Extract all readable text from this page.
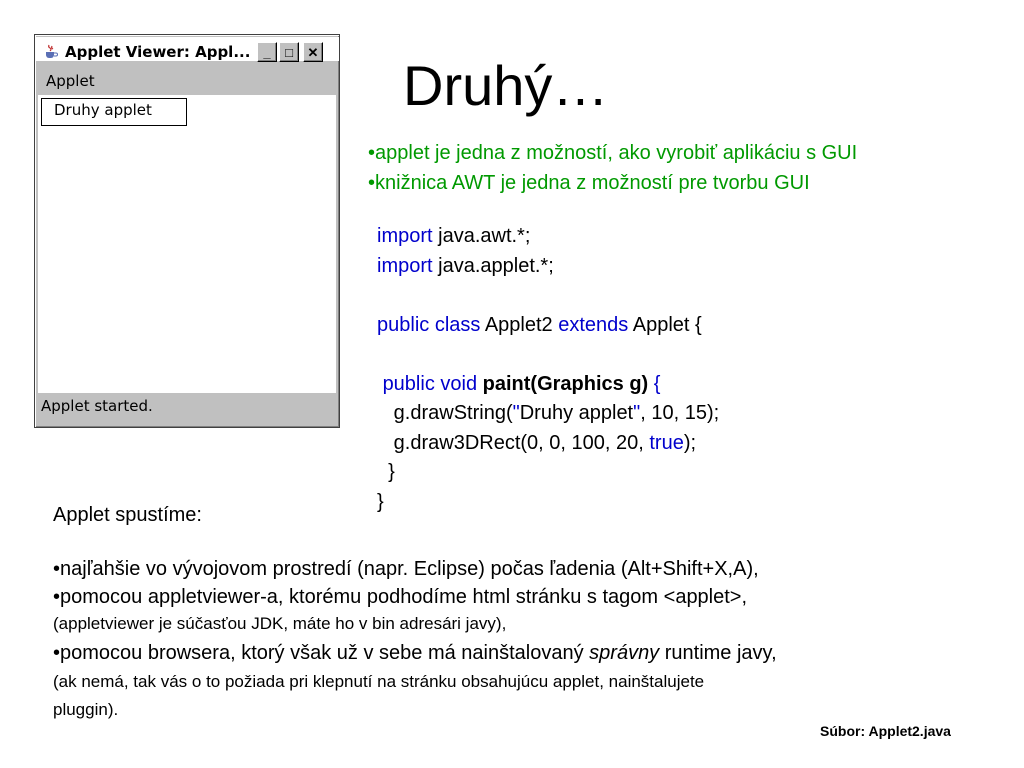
Applet Viewer: Appl... _	□	✕
Applet
Druhy applet
Applet started.
Druhý…
•applet je jedna z možností, ako vyrobiť aplikáciu s GUI
•knižnica AWT je jedna z možností pre tvorbu GUI
import java.awt.*;
import java.applet.*;
public class Applet2 extends Applet {
public void paint(Graphics g) {
g.drawString("Druhy applet", 10, 15);
g.draw3DRect(0, 0, 100, 20, true);
}
}
Applet spustíme:
•najľahšie vo vývojovom prostredí (napr. Eclipse) počas ľadenia (Alt+Shift+X,A),
•pomocou appletviewer-a, ktorému podhodíme html stránku s tagom <applet>,
(appletviewer je súčasťou JDK, máte ho v bin adresári javy),
•pomocou browsera, ktorý však už v sebe má nainštalovaný správny runtime javy,
(ak nemá, tak vás o to požiada pri klepnutí na stránku obsahujúcu applet, nainštalujete
pluggin).
Súbor: Applet2.java
